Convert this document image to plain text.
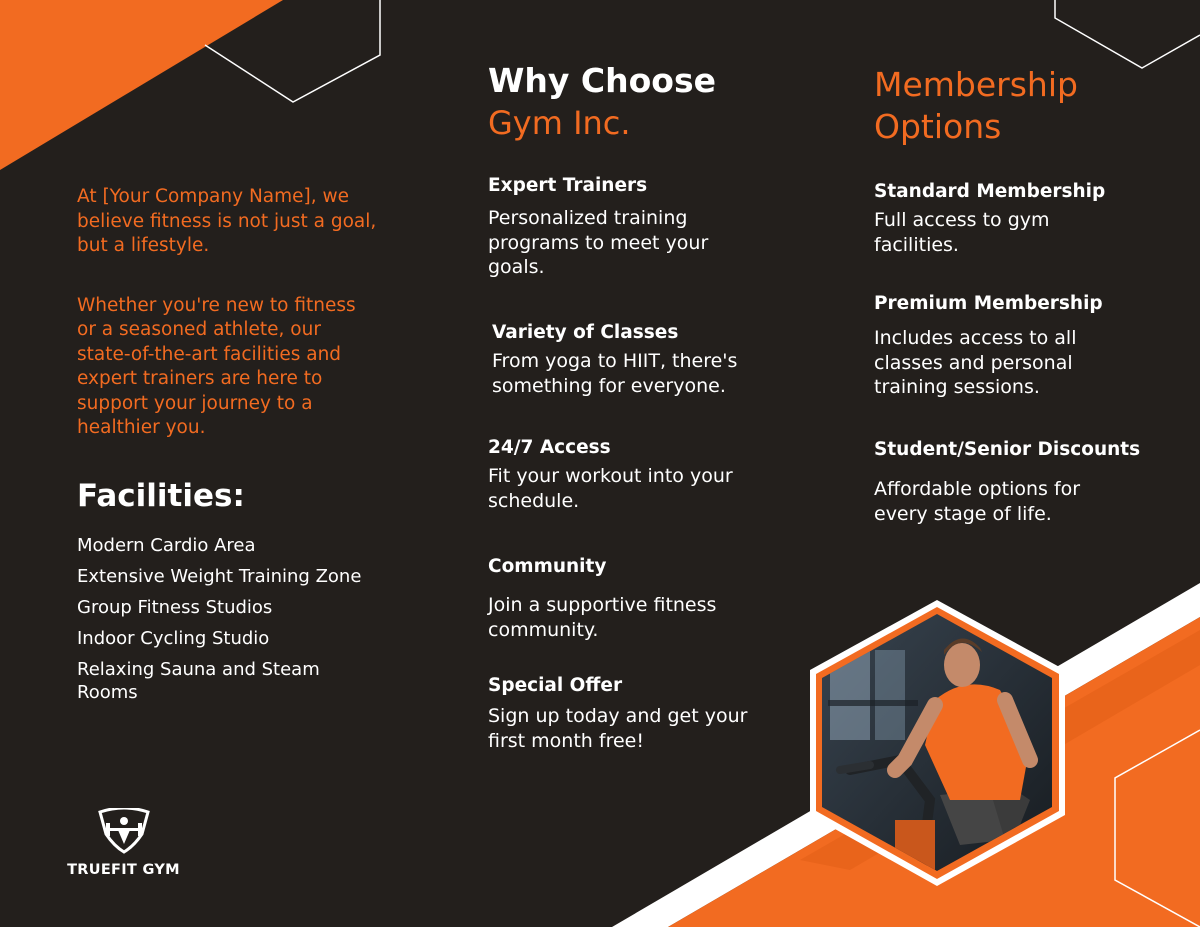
At [Your Company Name], we believe fitness is not just a goal, but a lifestyle.

Whether you're new to fitness or a seasoned athlete, our state-of-the-art facilities and expert trainers are here to support your journey to a healthier you.

Facilities:
Modern Cardio Area
Extensive Weight Training Zone
Group Fitness Studios
Indoor Cycling Studio
Relaxing Sauna and Steam Rooms
TRUEFIT GYM

Why Choose

Gym Inc.

Expert Trainers

Personalized training programs to meet your goals.

Variety of Classes

From yoga to HIIT, there's something for everyone.

24/7 Access

Fit your workout into your schedule.

Community

Join a supportive fitness community.

Special Offer

Sign up today and get your first month free!

Membership

Options

Standard Membership

Full access to gym facilities.

Premium Membership

Includes access to all classes and personal training sessions.

Student/Senior Discounts

Affordable options for every stage of life.
